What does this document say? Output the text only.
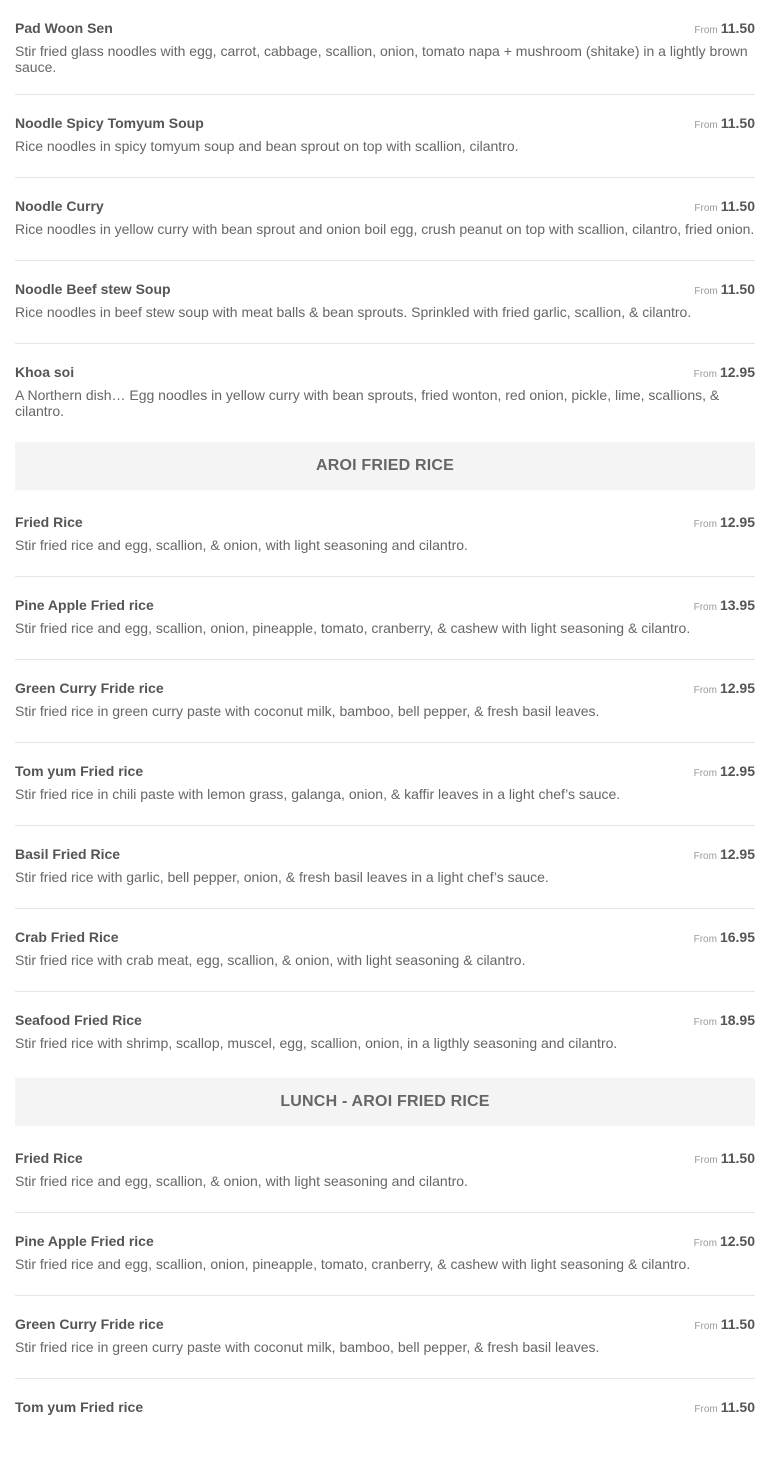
Pad Woon Sen	From 11.50
Stir fried glass noodles with egg, carrot, cabbage, scallion, onion, tomato napa + mushroom (shitake) in a lightly brown sauce.
Noodle Spicy Tomyum Soup	From 11.50
Rice noodles in spicy tomyum soup and bean sprout on top with scallion, cilantro.
Noodle Curry	From 11.50
Rice noodles in yellow curry with bean sprout and onion boil egg, crush peanut on top with scallion, cilantro, fried onion.
Noodle Beef stew Soup	From 11.50
Rice noodles in beef stew soup with meat balls & bean sprouts. Sprinkled with fried garlic, scallion, & cilantro.
Khoa soi	From 12.95
A Northern dish… Egg noodles in yellow curry with bean sprouts, fried wonton, red onion, pickle, lime, scallions, & cilantro.
AROI FRIED RICE
Fried Rice	From 12.95
Stir fried rice and egg, scallion, & onion, with light seasoning and cilantro.
Pine Apple Fried rice	From 13.95
Stir fried rice and egg, scallion, onion, pineapple, tomato, cranberry, & cashew with light seasoning & cilantro.
Green Curry Fride rice	From 12.95
Stir fried rice in green curry paste with coconut milk, bamboo, bell pepper, & fresh basil leaves.
Tom yum Fried rice	From 12.95
Stir fried rice in chili paste with lemon grass, galanga, onion, & kaffir leaves in a light chef’s sauce.
Basil Fried Rice	From 12.95
Stir fried rice with garlic, bell pepper, onion, & fresh basil leaves in a light chef’s sauce.
Crab Fried Rice	From 16.95
Stir fried rice with crab meat, egg, scallion, & onion, with light seasoning & cilantro.
Seafood Fried Rice	From 18.95
Stir fried rice with shrimp, scallop, muscel, egg, scallion, onion, in a ligthly seasoning and cilantro.
LUNCH - AROI FRIED RICE
Fried Rice	From 11.50
Stir fried rice and egg, scallion, & onion, with light seasoning and cilantro.
Pine Apple Fried rice	From 12.50
Stir fried rice and egg, scallion, onion, pineapple, tomato, cranberry, & cashew with light seasoning & cilantro.
Green Curry Fride rice	From 11.50
Stir fried rice in green curry paste with coconut milk, bamboo, bell pepper, & fresh basil leaves.
Tom yum Fried rice	From 11.50
